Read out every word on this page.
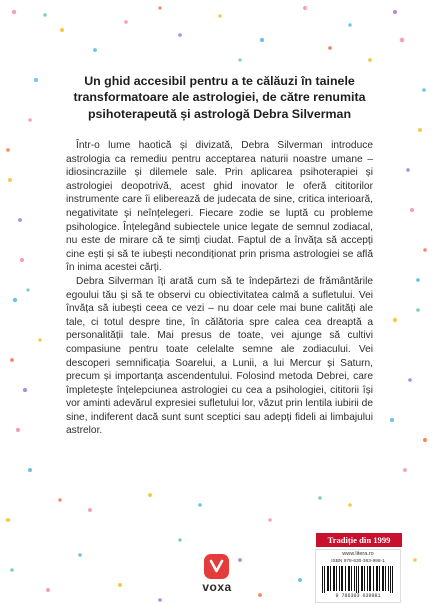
Un ghid accesibil pentru a te călăuzi în tainele transformatoare ale astrologiei, de către renumita psihoterapeută și astrologă Debra Silverman

Într-o lume haotică și divizată, Debra Silverman introduce astrologia ca remediu pentru acceptarea naturii noastre umane – idiosincraziile și dilemele sale. Prin aplicarea psihoterapiei și astrologiei deopotrivă, acest ghid inovator le oferă cititorilor instrumente care îi eliberează de judecata de sine, critica interioară, negativitate și neînțelegeri. Fiecare zodie se luptă cu probleme psihologice. Înțelegând subiectele unice legate de semnul zodiacal, nu este de mirare că te simți ciudat. Faptul de a învăța să accepți cine ești și să te iubești necondiționat prin prisma astrologiei se află în inima acestei cărți.

Debra Silverman îți arată cum să te îndepărtezi de frământările egoului tău și să te observi cu obiectivitatea calmă a sufletului. Vei învăța să iubești ceea ce vezi – nu doar cele mai bune calități ale tale, ci totul despre tine, în călătoria spre calea cea dreaptă a personalității tale. Mai presus de toate, vei ajunge să cultivi compasiune pentru toate celelalte semne ale zodiacului. Vei descoperi semnificația Soarelui, a Lunii, a lui Mercur și Saturn, precum și importanța ascendentului. Folosind metoda Debrei, care împletește înțelepciunea astrologiei cu cea a psihologiei, cititorii își vor aminti adevărul expresiei sufletului lor, văzut prin lentila iubirii de sine, indiferent dacă sunt sunt sceptici sau adepți fideli ai limbajului astrelor.

voxa
Tradiție din 1999
www.litera.ro
ISBN 978-630-363-998-1
9 786303 639981
